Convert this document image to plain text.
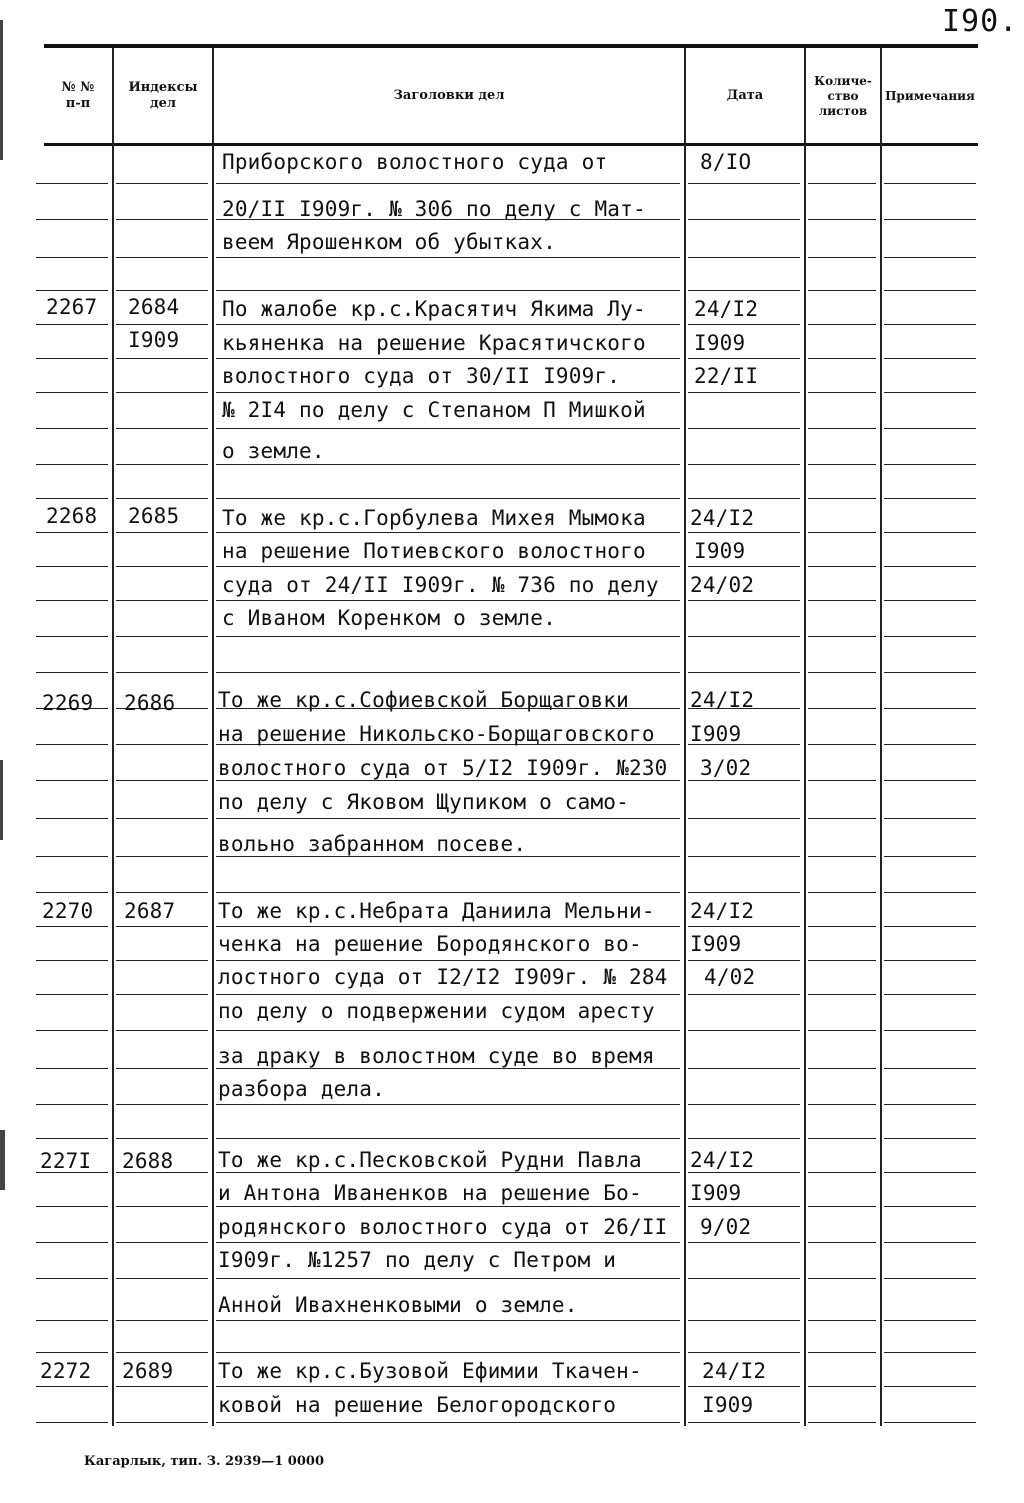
I90.
№ №
п-п
Индексы
дел
Заголовки дел	Дата
Количе-
ство
листов
Примечания
Приборского волостного суда от
20/II I909г. № 306 по делу с Мат-
веем Ярошенком об убытках.
8/IO
2267 2684
I909
По жалобе кр.с.Красятич Якима Лу-
кьяненка на решение Красятичского
волостного суда от 30/II I909г.
№ 2I4 по делу с Степаном П Мишкой
о земле.
24/I2
I909
22/II
2268 2685 То же кр.с.Горбулева Михея Мымока
на решение Потиевского волостного
суда от 24/II I909г. № 736 по делу
с Иваном Коренком о земле.
24/I2
I909
24/02
2269 2686 То же кр.с.Софиевской Борщаговки
на решение Никольско-Борщаговского
волостного суда от 5/I2 I909г. №230
по делу с Яковом Щупиком о само-
вольно забранном посеве.
24/I2
I909
3/02
2270 2687 То же кр.с.Небрата Даниила Мельни-
ченка на решение Бородянского во-
лостного суда от I2/I2 I909г. № 284
по делу о подвержении судом аресту
за драку в волостном суде во время
разбора дела.
24/I2
I909
4/02
227I 2688 То же кр.с.Песковской Рудни Павла
и Антона Иваненков на решение Бо-
родянского волостного суда от 26/II
I909г. №1257 по делу с Петром и
Анной Ивахненковыми о земле.
24/I2
I909
9/02
2272 2689 То же кр.с.Бузовой Ефимии Ткачен-
ковой на решение Белогородского
24/I2
I909
Кагарлык, тип. З. 2939—1 0000
